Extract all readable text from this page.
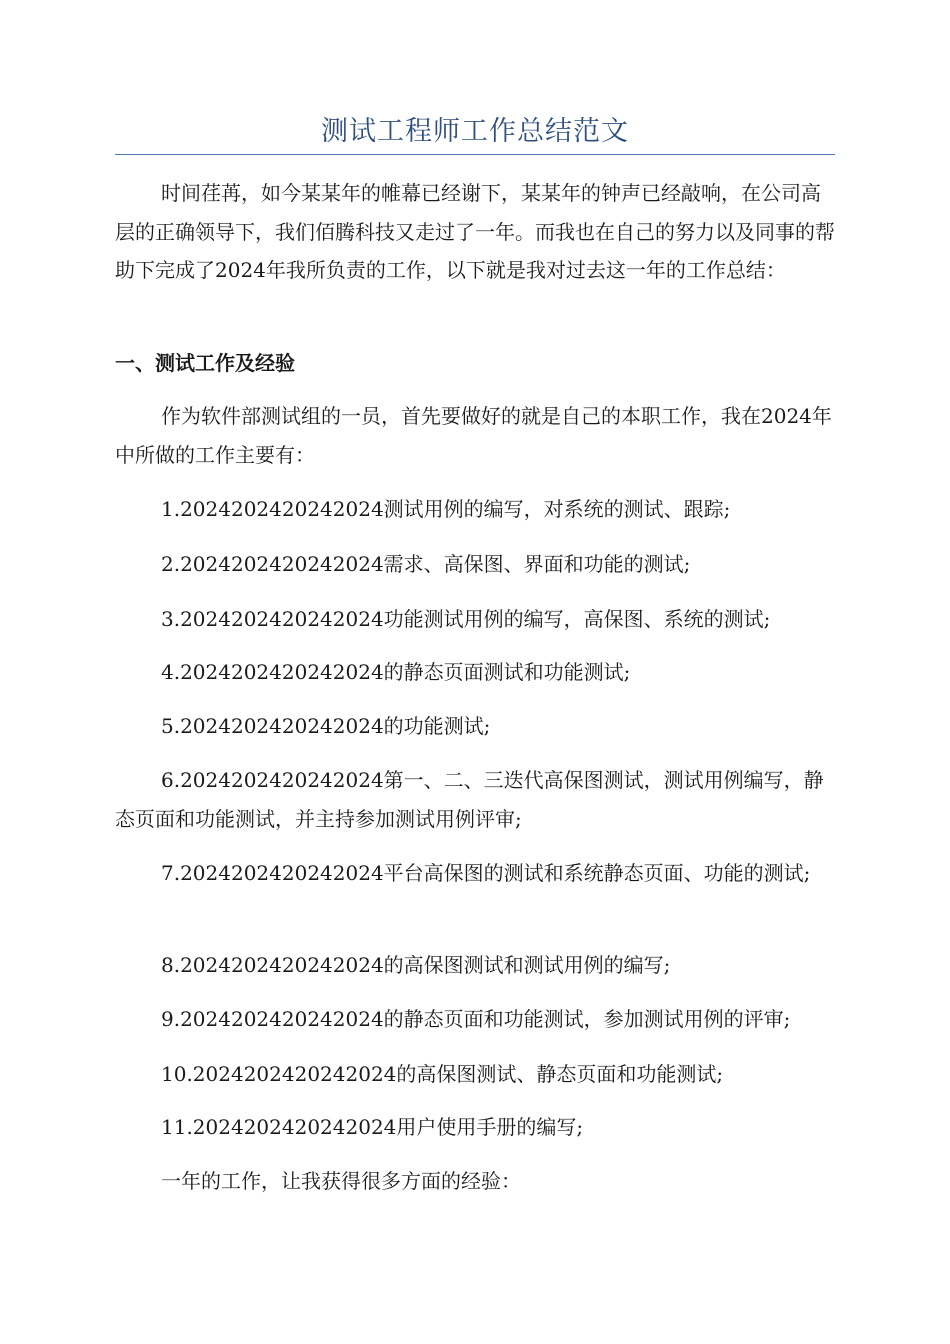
测试工程师工作总结范文

时间荏苒，如今某某年的帷幕已经谢下，某某年的钟声已经敲响，在公司高层的正确领导下，我们佰腾科技又走过了一年。而我也在自己的努力以及同事的帮助下完成了2024年我所负责的工作，以下就是我对过去这一年的工作总结：

一、测试工作及经验

作为软件部测试组的一员，首先要做好的就是自己的本职工作，我在2024年中所做的工作主要有：

1.2024202420242024测试用例的编写，对系统的测试、跟踪;

2.2024202420242024需求、高保图、界面和功能的测试;

3.2024202420242024功能测试用例的编写，高保图、系统的测试;

4.2024202420242024的静态页面测试和功能测试;

5.2024202420242024的功能测试;

6.2024202420242024第一、二、三迭代高保图测试，测试用例编写，静态页面和功能测试，并主持参加测试用例评审;

7.2024202420242024平台高保图的测试和系统静态页面、功能的测试;

8.2024202420242024的高保图测试和测试用例的编写;

9.2024202420242024的静态页面和功能测试，参加测试用例的评审;

10.2024202420242024的高保图测试、静态页面和功能测试;

11.2024202420242024用户使用手册的编写;

一年的工作，让我获得很多方面的经验：
